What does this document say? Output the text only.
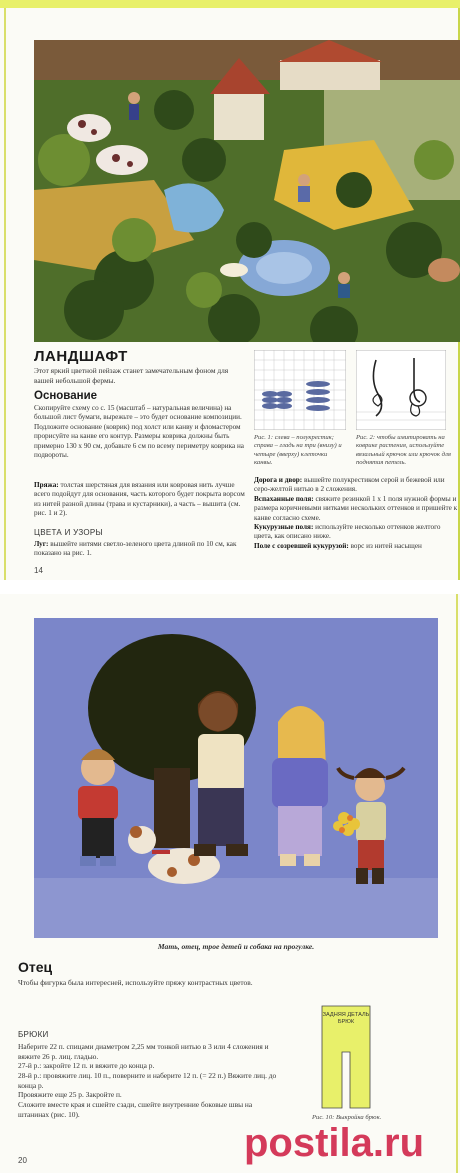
ЛАНДШАФТ
Этот яркий цветной пейзаж станет замечательным фоном для вашей небольшой фермы.
Основание
Скопируйте схему со с. 15 (масштаб – натуральная величина) на большой лист бумаги, вырежьте – это будет основание композиции. Подложите основание (коврик) под холст или канву и фломастером прорисуйте на канве его контур. Размеры коврика должны быть примерно 130 x 90 см, добавьте 6 см по всему периметру коврика на подвороты.
Пряжа: толстая шерстяная для вязания или ковровая нить лучше всего подойдут для основания, часть которого будет покрыта ворсом из нитей разной длины (трава и кустарники), а часть – вышита (см. рис. 1 и 2).
ЦВЕТА И УЗОРЫ
Луг: вышейте нитями светло-зеленого цвета длиной по 10 см, как показано на рис. 1.
Рис. 1: слева – полукрестик; справа – гладь на три (внизу) и четыре (вверху) клеточки канвы.
Рис. 2: чтобы имитировать на коврике растения, используйте вязальный крючок или крючок для поднятия петель.

Дорога и двор: вышейте полукрестиком серой и бежевой или серо-желтой нитью в 2 сложения.

Вспаханные поля: свяжите резинкой 1 x 1 поля нужной формы и размера коричневыми нитками нескольких оттенков и пришейте к канве согласно схеме.

Кукурузные поля: используйте несколько оттенков желтого цвета, как описано ниже.

Поле с созревшей кукурузой: ворс из нитей насыщен

14
Мать, отец, трое детей и собака на прогулке.
Отец
Чтобы фигурка была интересней, используйте пряжу контрастных цветов.
БРЮКИ
Наберите 22 п. спицами диаметром 2,25 мм тонкой нитью в 3 или 4 сложения и вяжите 26 р. лиц. гладью.
27-й р.: закройте 12 п. и вяжите до конца р.
28-й р.: провяжите лиц. 10 п., поверните и наберите 12 п. (= 22 п.) Вяжите лиц. до конца р.
Провяжите еще 25 р. Закройте п.
Сложите вместе края и сшейте сзади, сшейте внутренние боковые швы на штанинах (рис. 10).
ЗАДНЯЯ ДЕТАЛЬ БРЮК
Рис. 10: Выкройка брюк.
20	postila.ru
